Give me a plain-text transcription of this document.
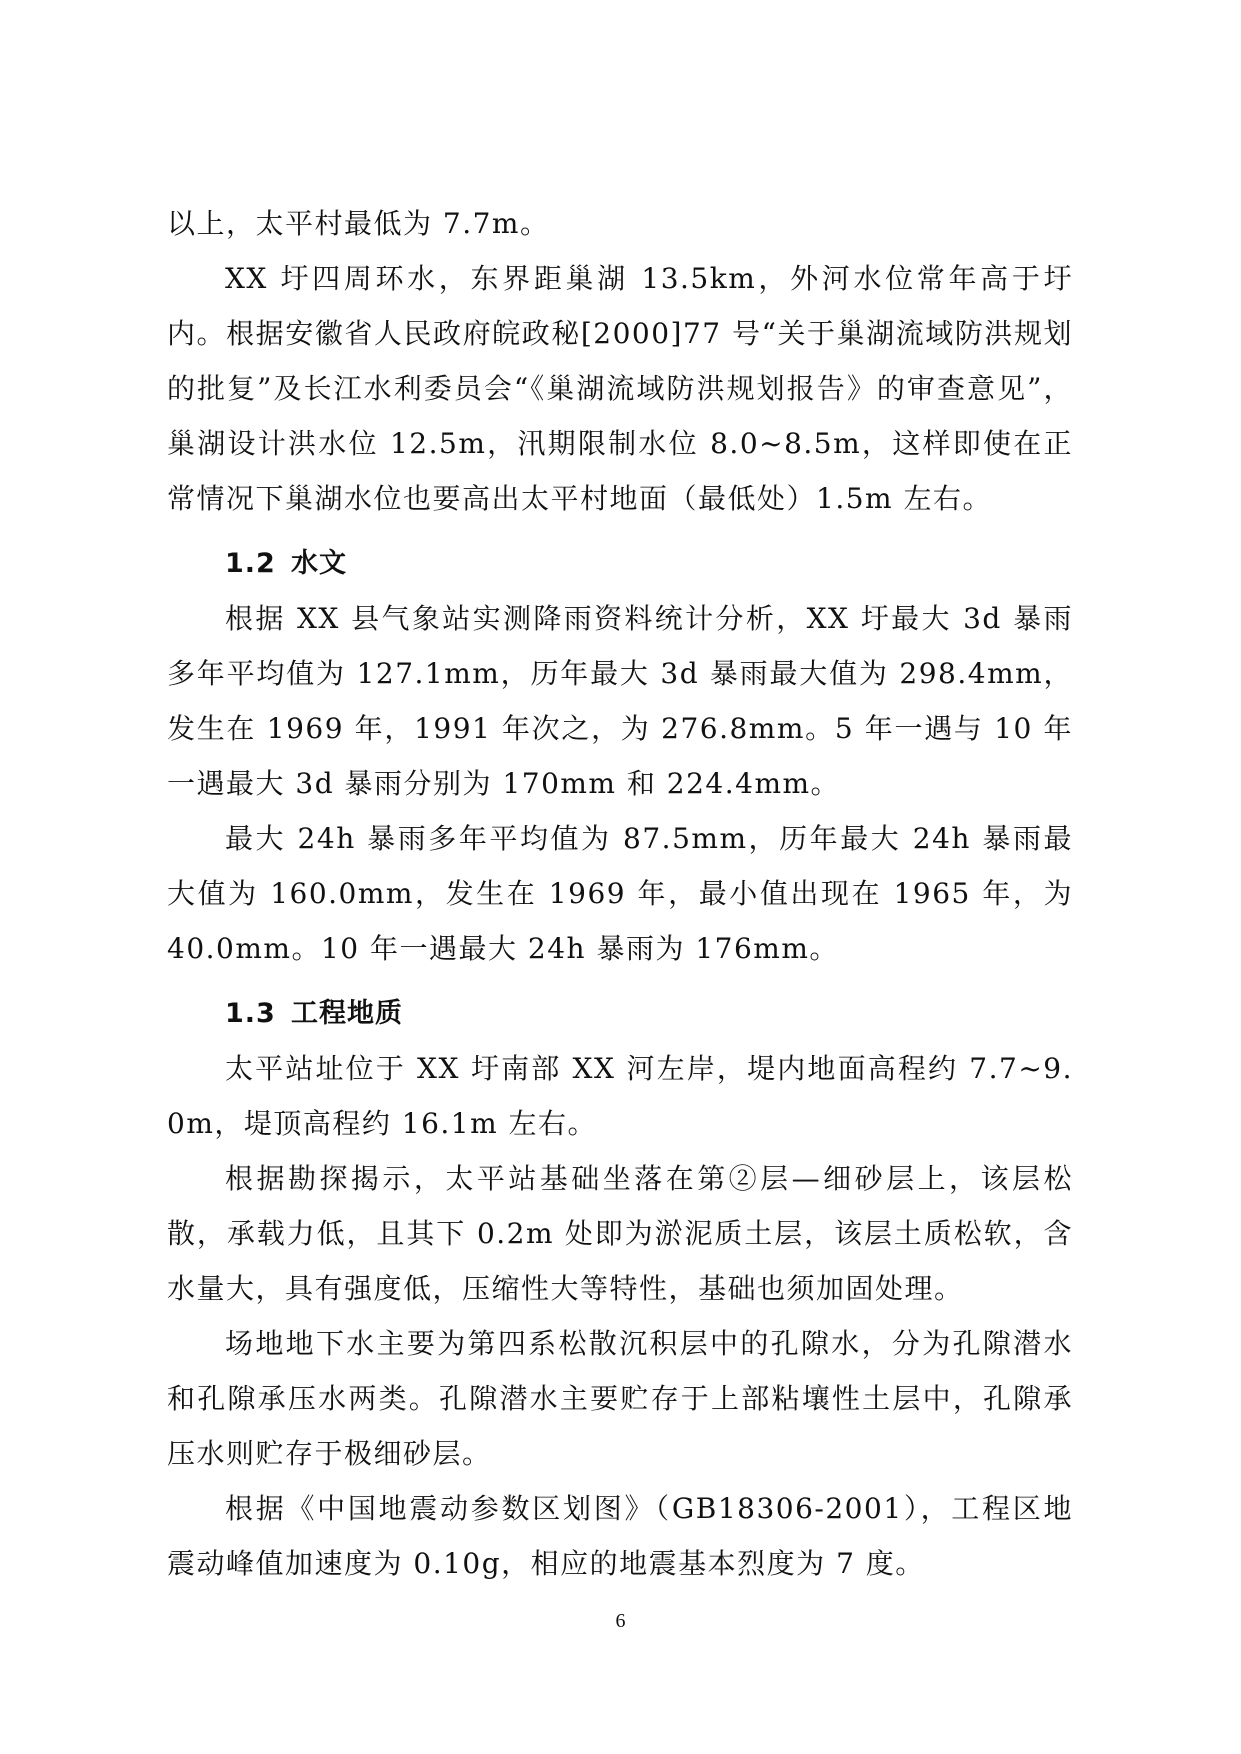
以上，太平村最低为 7.7m。

XX 圩四周环水，东界距巢湖 13.5km，外河水位常年高于圩内。根据安徽省人民政府皖政秘[2000]77 号“关于巢湖流域防洪规划的批复”及长江水利委员会“《巢湖流域防洪规划报告》的审查意见”，巢湖设计洪水位 12.5m，汛期限制水位 8.0~8.5m，这样即使在正常情况下巢湖水位也要高出太平村地面（最低处）1.5m 左右。

1.2 水文

根据 XX 县气象站实测降雨资料统计分析，XX 圩最大 3d 暴雨多年平均值为 127.1mm，历年最大 3d 暴雨最大值为 298.4mm，发生在 1969 年，1991 年次之，为 276.8mm。5 年一遇与 10 年一遇最大 3d 暴雨分别为 170mm 和 224.4mm。

最大 24h 暴雨多年平均值为 87.5mm，历年最大 24h 暴雨最大值为 160.0mm，发生在 1969 年，最小值出现在 1965 年，为 40.0mm。10 年一遇最大 24h 暴雨为 176mm。

1.3 工程地质

太平站址位于 XX 圩南部 XX 河左岸，堤内地面高程约 7.7~9.0m，堤顶高程约 16.1m 左右。

根据勘探揭示，太平站基础坐落在第②层—细砂层上，该层松散，承载力低，且其下 0.2m 处即为淤泥质土层，该层土质松软，含水量大，具有强度低，压缩性大等特性，基础也须加固处理。

场地地下水主要为第四系松散沉积层中的孔隙水，分为孔隙潜水和孔隙承压水两类。孔隙潜水主要贮存于上部粘壤性土层中，孔隙承压水则贮存于极细砂层。

根据《中国地震动参数区划图》（GB18306-2001），工程区地震动峰值加速度为 0.10g，相应的地震基本烈度为 7 度。

6
